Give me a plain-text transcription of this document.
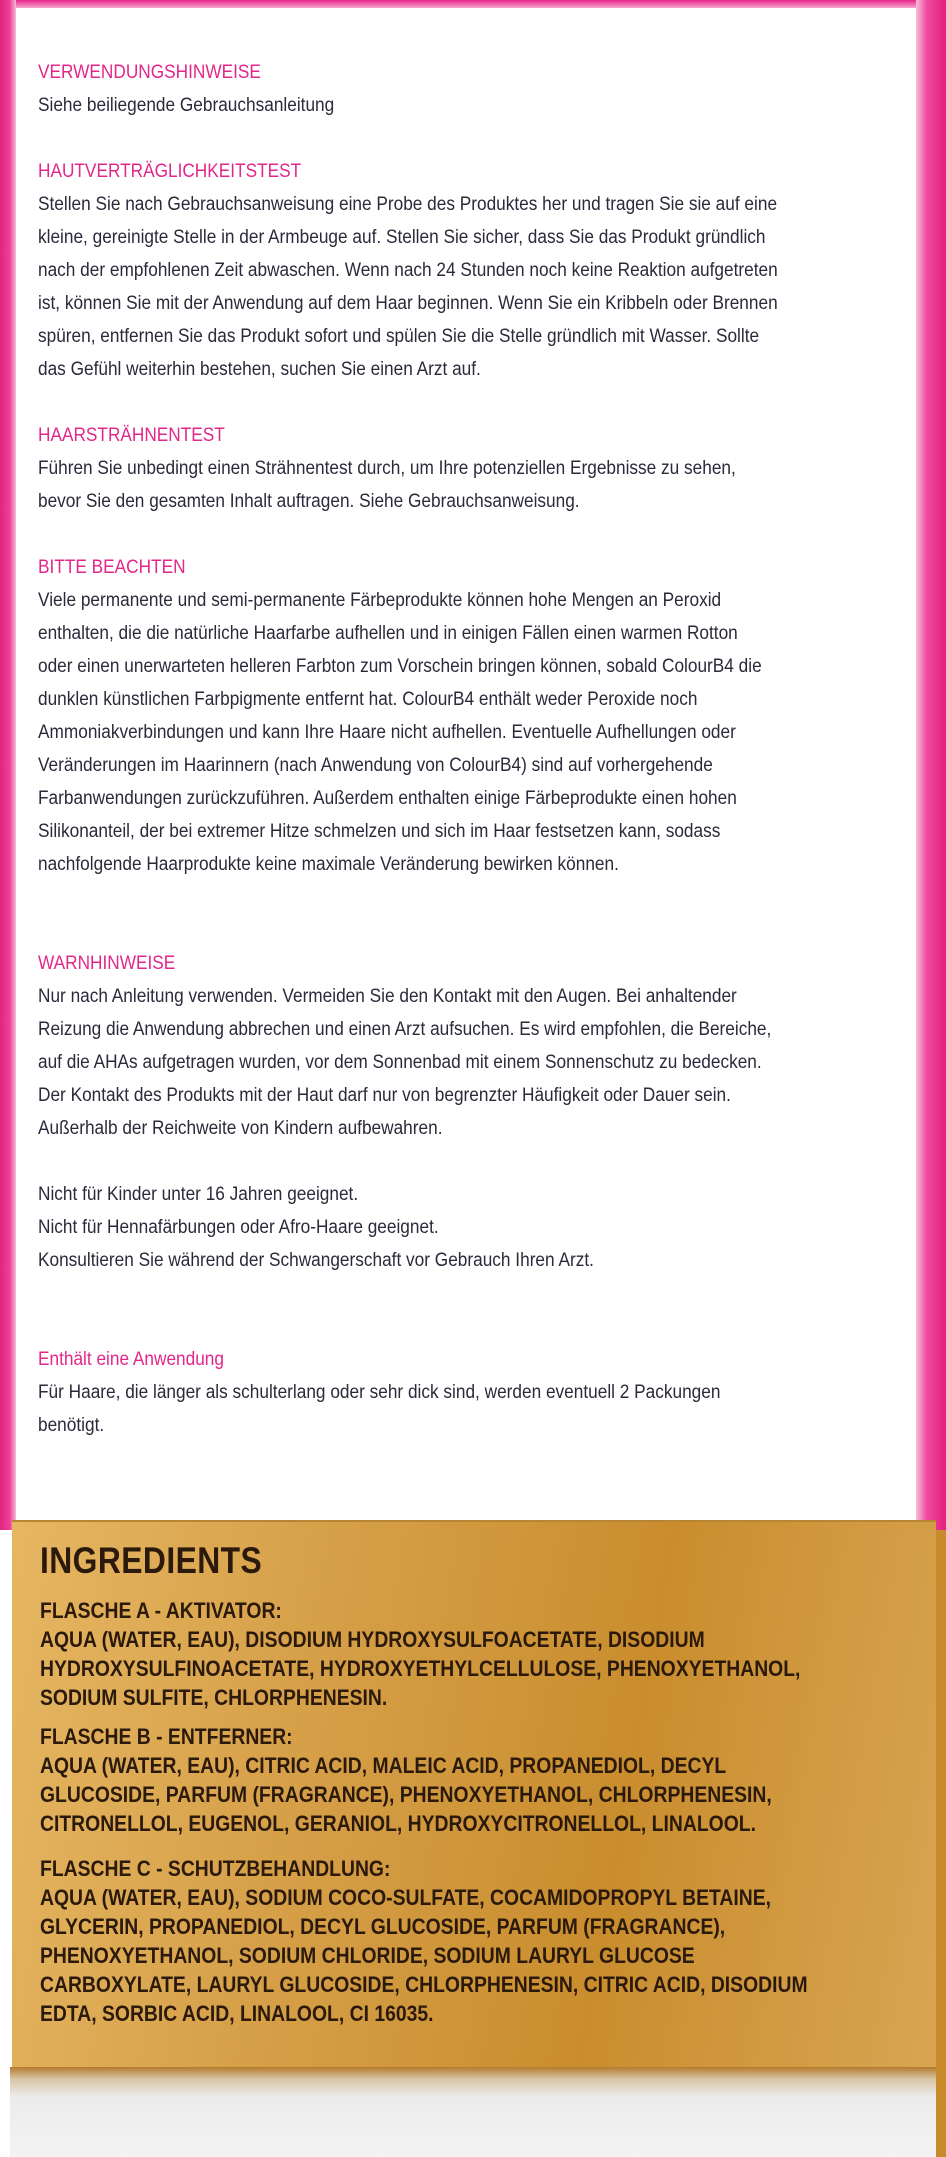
VERWENDUNGSHINWEISE

Siehe beiliegende Gebrauchsanleitung

HAUTVERTRÄGLICHKEITSTEST

Stellen Sie nach Gebrauchsanweisung eine Probe des Produktes her und tragen Sie sie auf eine

kleine, gereinigte Stelle in der Armbeuge auf. Stellen Sie sicher, dass Sie das Produkt gründlich

nach der empfohlenen Zeit abwaschen. Wenn nach 24 Stunden noch keine Reaktion aufgetreten

ist, können Sie mit der Anwendung auf dem Haar beginnen. Wenn Sie ein Kribbeln oder Brennen

spüren, entfernen Sie das Produkt sofort und spülen Sie die Stelle gründlich mit Wasser. Sollte

das Gefühl weiterhin bestehen, suchen Sie einen Arzt auf.

HAARSTRÄHNENTEST

Führen Sie unbedingt einen Strähnentest durch, um Ihre potenziellen Ergebnisse zu sehen,

bevor Sie den gesamten Inhalt auftragen. Siehe Gebrauchsanweisung.

BITTE BEACHTEN

Viele permanente und semi-permanente Färbeprodukte können hohe Mengen an Peroxid

enthalten, die die natürliche Haarfarbe aufhellen und in einigen Fällen einen warmen Rotton

oder einen unerwarteten helleren Farbton zum Vorschein bringen können, sobald ColourB4 die

dunklen künstlichen Farbpigmente entfernt hat. ColourB4 enthält weder Peroxide noch

Ammoniakverbindungen und kann Ihre Haare nicht aufhellen. Eventuelle Aufhellungen oder

Veränderungen im Haarinnern (nach Anwendung von ColourB4) sind auf vorhergehende

Farbanwendungen zurückzuführen. Außerdem enthalten einige Färbeprodukte einen hohen

Silikonanteil, der bei extremer Hitze schmelzen und sich im Haar festsetzen kann, sodass

nachfolgende Haarprodukte keine maximale Veränderung bewirken können.

WARNHINWEISE

Nur nach Anleitung verwenden. Vermeiden Sie den Kontakt mit den Augen. Bei anhaltender

Reizung die Anwendung abbrechen und einen Arzt aufsuchen. Es wird empfohlen, die Bereiche,

auf die AHAs aufgetragen wurden, vor dem Sonnenbad mit einem Sonnenschutz zu bedecken.

Der Kontakt des Produkts mit der Haut darf nur von begrenzter Häufigkeit oder Dauer sein.

Außerhalb der Reichweite von Kindern aufbewahren.

Nicht für Kinder unter 16 Jahren geeignet.

Nicht für Hennafärbungen oder Afro-Haare geeignet.

Konsultieren Sie während der Schwangerschaft vor Gebrauch Ihren Arzt.

Enthält eine Anwendung

Für Haare, die länger als schulterlang oder sehr dick sind, werden eventuell 2 Packungen

benötigt.

INGREDIENTS

FLASCHE A - AKTIVATOR:

AQUA (WATER, EAU), DISODIUM HYDROXYSULFOACETATE, DISODIUM

HYDROXYSULFINOACETATE, HYDROXYETHYLCELLULOSE, PHENOXYETHANOL,

SODIUM SULFITE, CHLORPHENESIN.

FLASCHE B - ENTFERNER:

AQUA (WATER, EAU), CITRIC ACID, MALEIC ACID, PROPANEDIOL, DECYL

GLUCOSIDE, PARFUM (FRAGRANCE), PHENOXYETHANOL, CHLORPHENESIN,

CITRONELLOL, EUGENOL, GERANIOL, HYDROXYCITRONELLOL, LINALOOL.

FLASCHE C - SCHUTZBEHANDLUNG:

AQUA (WATER, EAU), SODIUM COCO-SULFATE, COCAMIDOPROPYL BETAINE,

GLYCERIN, PROPANEDIOL, DECYL GLUCOSIDE, PARFUM (FRAGRANCE),

PHENOXYETHANOL, SODIUM CHLORIDE, SODIUM LAURYL GLUCOSE

CARBOXYLATE, LAURYL GLUCOSIDE, CHLORPHENESIN, CITRIC ACID, DISODIUM

EDTA, SORBIC ACID, LINALOOL, CI 16035.
